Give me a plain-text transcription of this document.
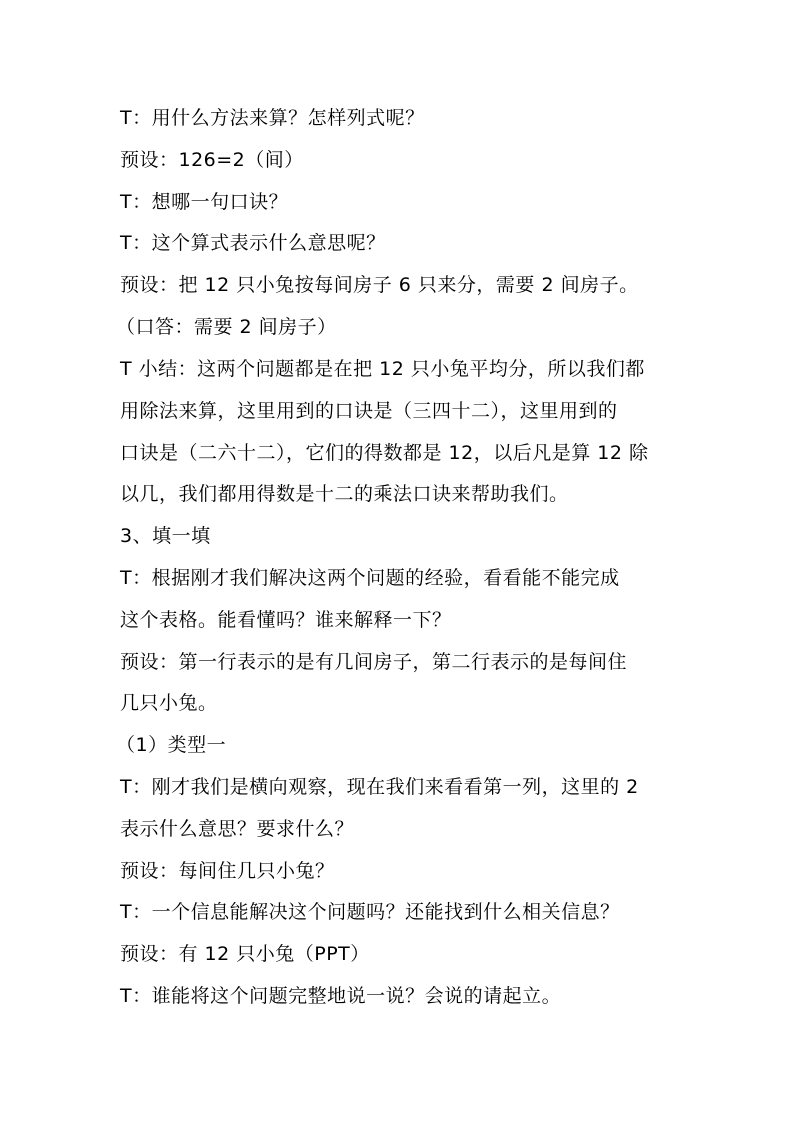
T：用什么方法来算？怎样列式呢？
预设：126=2（间）
T：想哪一句口诀？
T：这个算式表示什么意思呢？
预设：把 12 只小兔按每间房子 6 只来分，需要 2 间房子。
（口答：需要 2 间房子）
T 小结：这两个问题都是在把 12 只小兔平均分，所以我们都
用除法来算，这里用到的口诀是（三四十二），这里用到的
口诀是（二六十二），它们的得数都是 12，以后凡是算 12 除
以几，我们都用得数是十二的乘法口诀来帮助我们。
3、填一填
T：根据刚才我们解决这两个问题的经验，看看能不能完成
这个表格。能看懂吗？谁来解释一下？
预设：第一行表示的是有几间房子，第二行表示的是每间住
几只小兔。
（1）类型一
T：刚才我们是横向观察，现在我们来看看第一列，这里的 2
表示什么意思？要求什么？
预设：每间住几只小兔？
T：一个信息能解决这个问题吗？还能找到什么相关信息？
预设：有 12 只小兔（PPT）
T：谁能将这个问题完整地说一说？会说的请起立。
